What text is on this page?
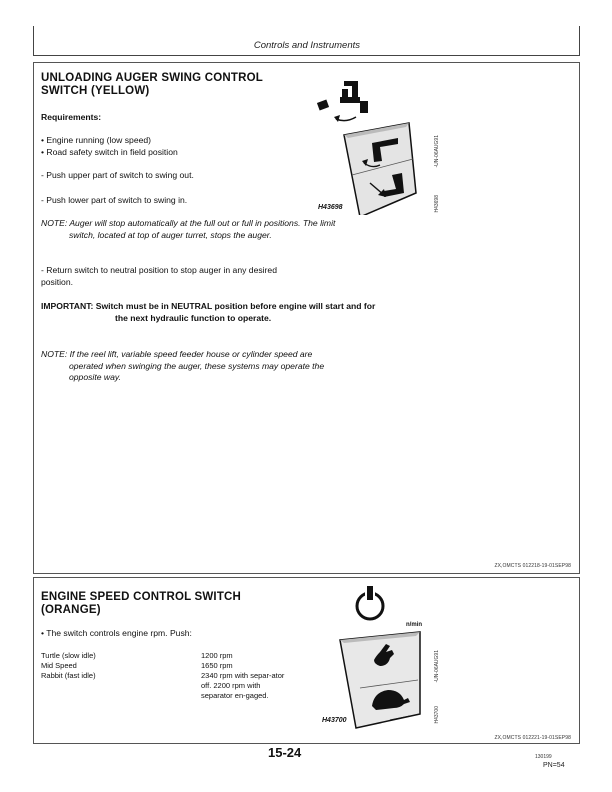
Controls and Instruments
UNLOADING AUGER SWING CONTROL
SWITCH (YELLOW)
Requirements:
• Engine running (low speed)
• Road safety switch in field position
- Push upper part of switch to swing out.
- Push lower part of switch to swing in.
NOTE: Auger will stop automatically at the full out or full in positions. The limit switch, located at top of auger turret, stops the auger.
- Return switch to neutral position to stop auger in any desired position.
IMPORTANT: Switch must be in NEUTRAL position before engine will start and for the next hydraulic function to operate.
NOTE: If the reel lift, variable speed feeder house or cylinder speed are operated when swinging the auger, these systems may operate the opposite way.
H43698
-UN-06AUG91
H43698
ZX,OMCTS 012218-19-01SEP98
ENGINE SPEED CONTROL SWITCH
(ORANGE)
• The switch controls engine rpm. Push:
Turtle (slow idle)	1200 rpm
Mid Speed	1650 rpm
Rabbit (fast idle)	2340 rpm with separ-ator off. 2200 rpm with separator en-gaged.
n/min
H43700
-UN-06AUG91
H43700
ZX,OMCTS 012221-19-01SEP98
15-24	130199
PN=54
